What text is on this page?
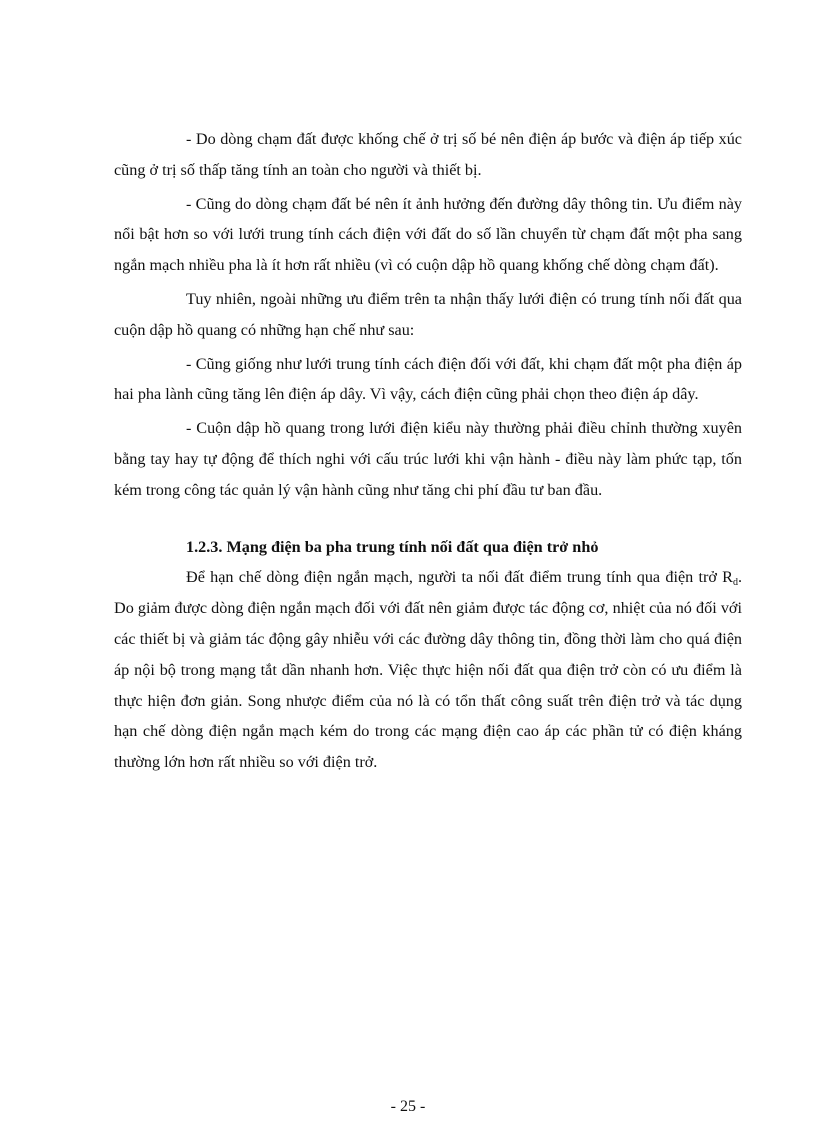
- Do dòng chạm đất được khống chế ở trị số bé nên điện áp bước và điện áp tiếp xúc cũng ở trị số thấp tăng tính an toàn cho người và thiết bị.

- Cũng do dòng chạm đất bé nên ít ảnh hưởng đến đường dây thông tin. Ưu điểm này nổi bật hơn so với lưới trung tính cách điện với đất do số lần chuyển từ chạm đất một pha sang ngắn mạch nhiều pha là ít hơn rất nhiều (vì có cuộn dập hồ quang khống chế dòng chạm đất).

Tuy nhiên, ngoài những ưu điểm trên ta nhận thấy lưới điện có trung tính nối đất qua cuộn dập hồ quang có những hạn chế như sau:

- Cũng giống như lưới trung tính cách điện đối với đất, khi chạm đất một pha điện áp hai pha lành cũng tăng lên điện áp dây. Vì vậy, cách điện cũng phải chọn theo điện áp dây.

- Cuộn dập hồ quang trong lưới điện kiểu này thường phải điều chỉnh thường xuyên bằng tay hay tự động để thích nghi với cấu trúc lưới khi vận hành - điều này làm phức tạp, tốn kém trong công tác quản lý vận hành cũng như tăng chi phí đầu tư ban đầu.

1.2.3. Mạng điện ba pha trung tính nối đất qua điện trở nhỏ

Để hạn chế dòng điện ngắn mạch, người ta nối đất điểm trung tính qua điện trở $R_d$. Do giảm được dòng điện ngắn mạch đối với đất nên giảm được tác động cơ, nhiệt của nó đối với các thiết bị và giảm tác động gây nhiễu với các đường dây thông tin, đồng thời làm cho quá điện áp nội bộ trong mạng tắt dần nhanh hơn. Việc thực hiện nối đất qua điện trở còn có ưu điểm là thực hiện đơn giản. Song nhược điểm của nó là có tổn thất công suất trên điện trở và tác dụng hạn chế dòng điện ngắn mạch kém do trong các mạng điện cao áp các phần tử có điện kháng thường lớn hơn rất nhiều so với điện trở.

- 25 -
